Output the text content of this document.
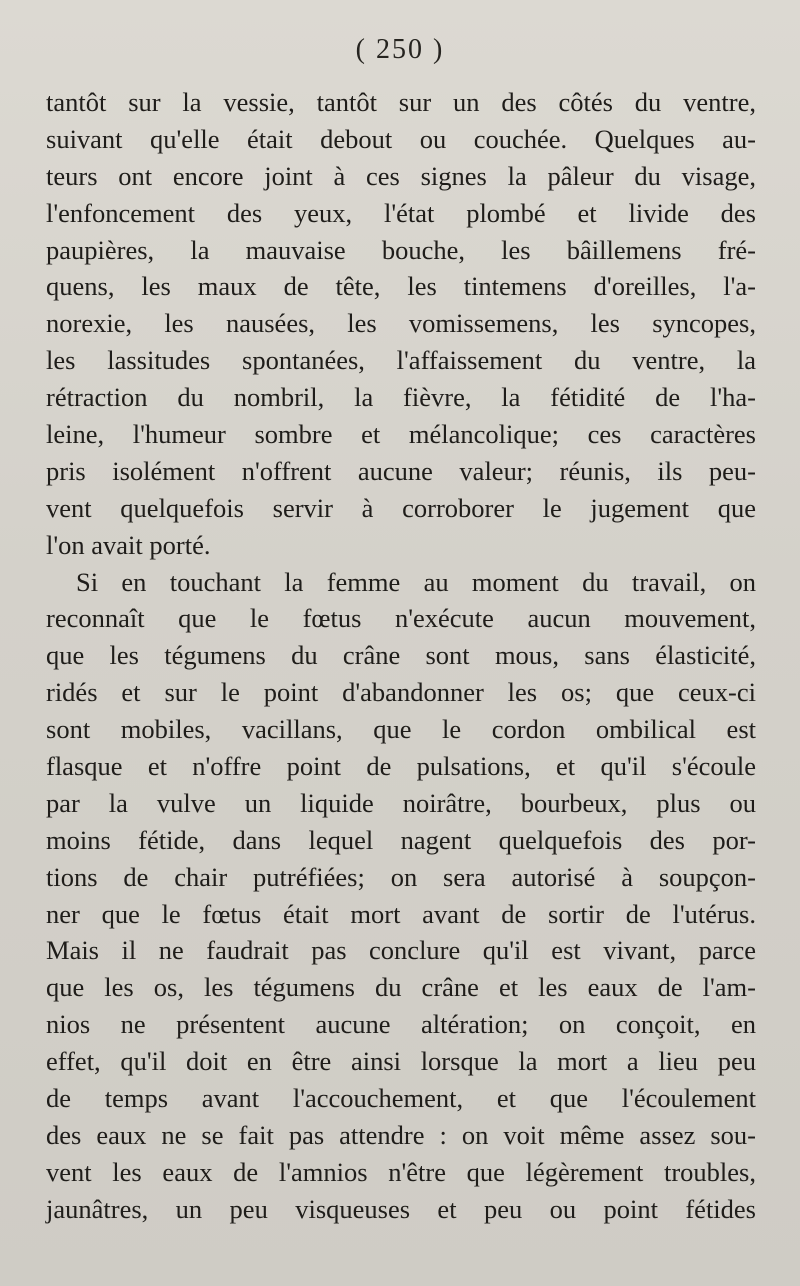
( 250 )
tantôt sur la vessie, tantôt sur un des côtés du ventre,
suivant qu'elle était debout ou couchée. Quelques au-
teurs ont encore joint à ces signes la pâleur du visage,
l'enfoncement des yeux, l'état plombé et livide des
paupières, la mauvaise bouche, les bâillemens fré-
quens, les maux de tête, les tintemens d'oreilles, l'a-
norexie, les nausées, les vomissemens, les syncopes,
les lassitudes spontanées, l'affaissement du ventre, la
rétraction du nombril, la fièvre, la fétidité de l'ha-
leine, l'humeur sombre et mélancolique; ces caractères
pris isolément n'offrent aucune valeur; réunis, ils peu-
vent quelquefois servir à corroborer le jugement que
l'on avait porté.
Si en touchant la femme au moment du travail, on
reconnaît que le fœtus n'exécute aucun mouvement,
que les tégumens du crâne sont mous, sans élasticité,
ridés et sur le point d'abandonner les os; que ceux-ci
sont mobiles, vacillans, que le cordon ombilical est
flasque et n'offre point de pulsations, et qu'il s'écoule
par la vulve un liquide noirâtre, bourbeux, plus ou
moins fétide, dans lequel nagent quelquefois des por-
tions de chair putréfiées; on sera autorisé à soupçon-
ner que le fœtus était mort avant de sortir de l'utérus.
Mais il ne faudrait pas conclure qu'il est vivant, parce
que les os, les tégumens du crâne et les eaux de l'am-
nios ne présentent aucune altération; on conçoit, en
effet, qu'il doit en être ainsi lorsque la mort a lieu peu
de temps avant l'accouchement, et que l'écoulement
des eaux ne se fait pas attendre : on voit même assez sou-
vent les eaux de l'amnios n'être que légèrement troubles,
jaunâtres, un peu visqueuses et peu ou point fétides
